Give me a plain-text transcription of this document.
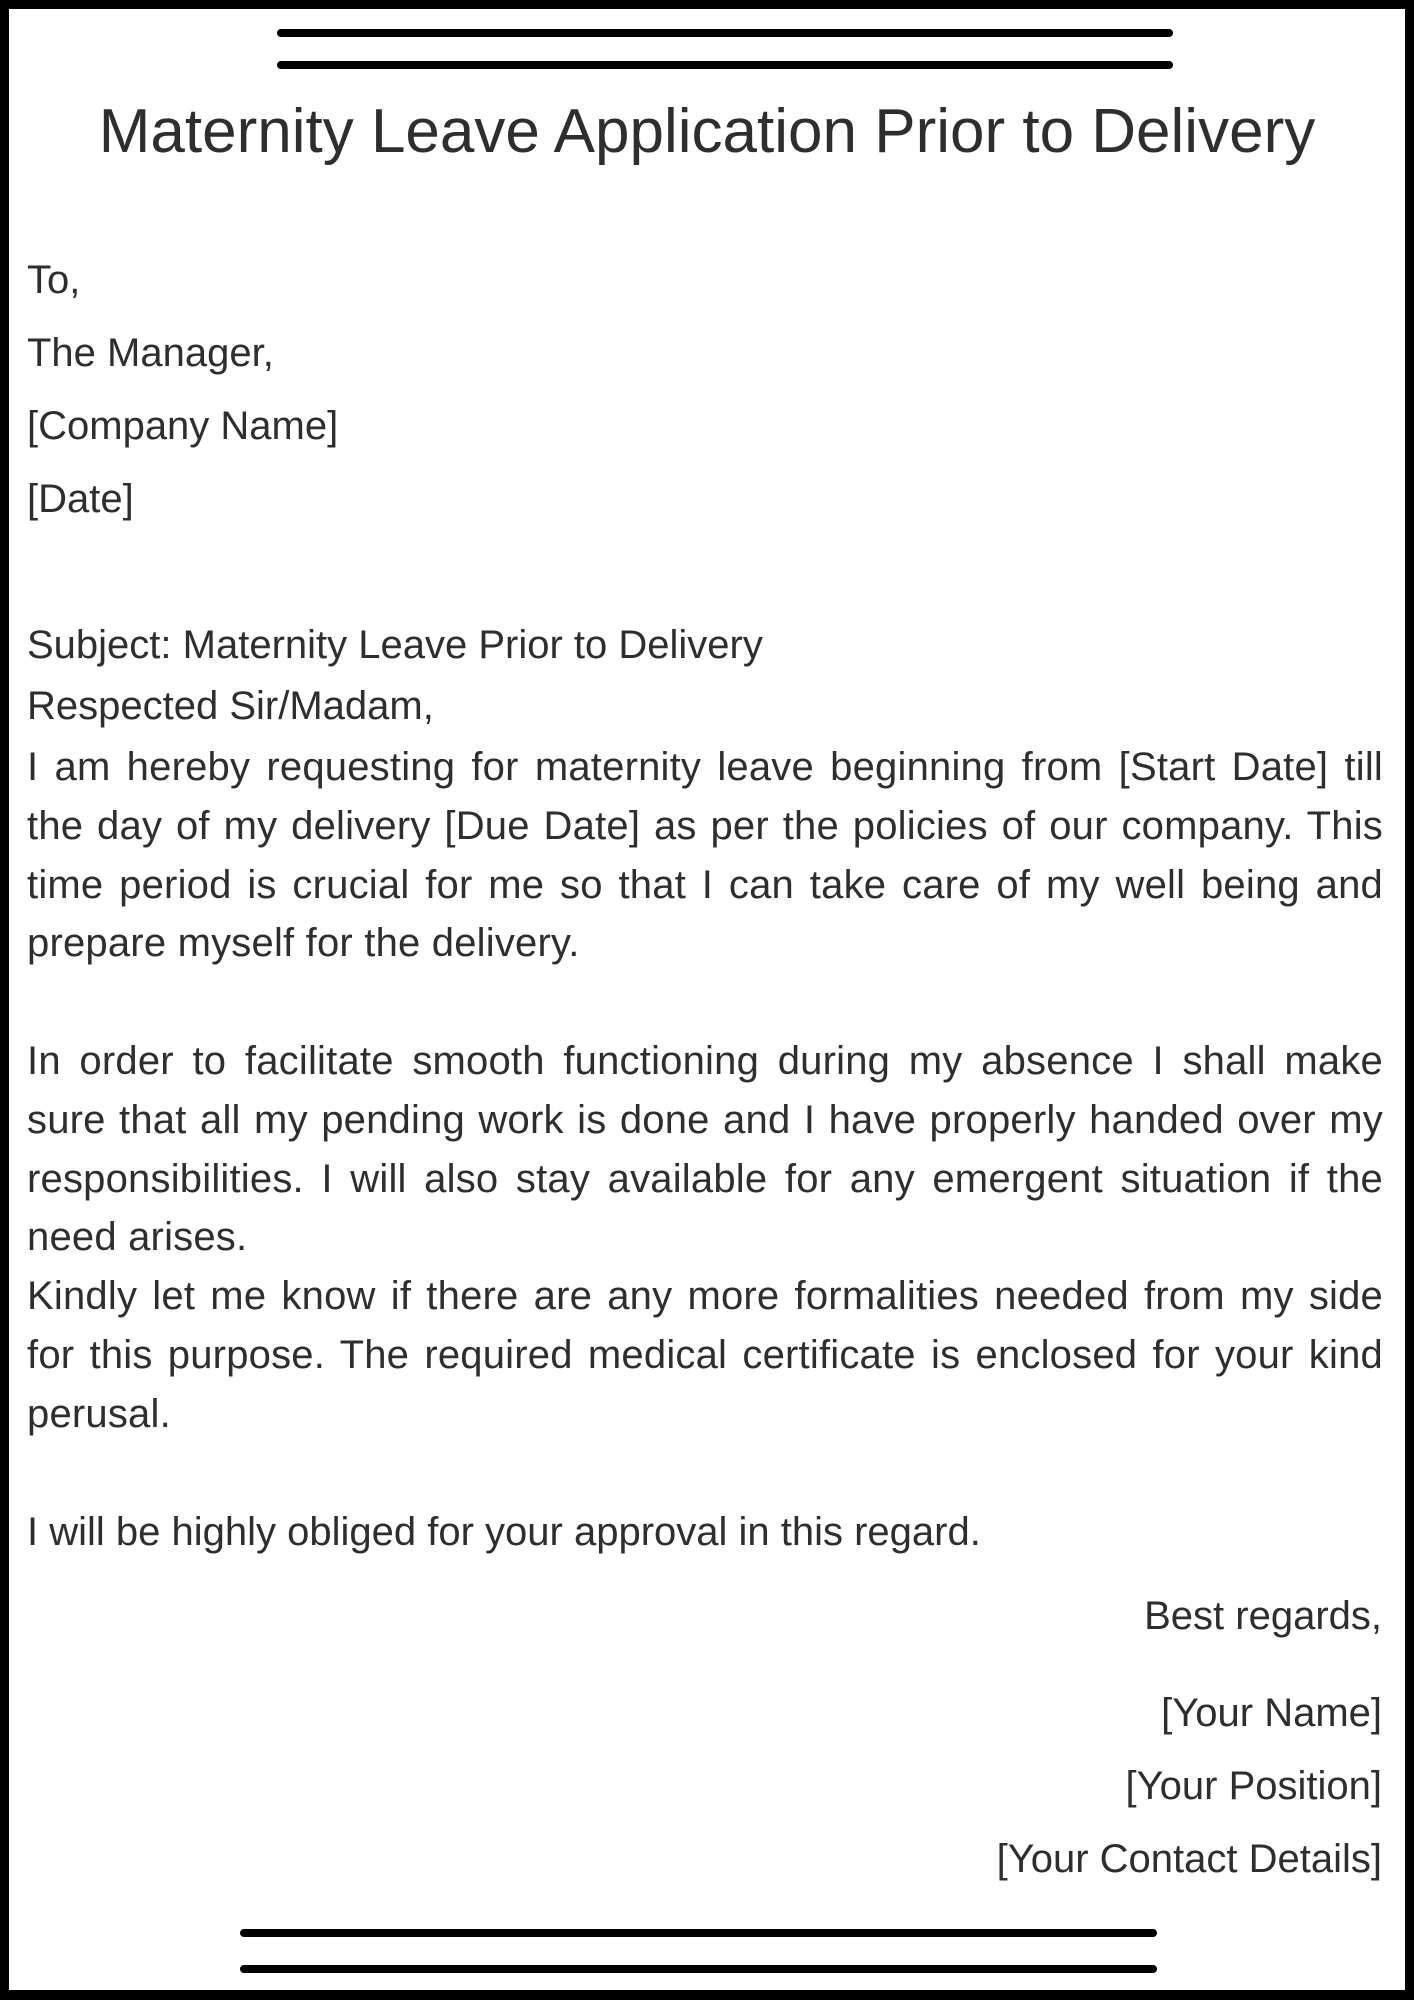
Maternity Leave Application Prior to Delivery
To,
The Manager,
[Company Name]
[Date]
Subject: Maternity Leave Prior to Delivery
Respected Sir/Madam,

I am hereby requesting for maternity leave beginning from [Start Date] till the day of my delivery [Due Date] as per the policies of our company. This time period is crucial for me so that I can take care of my well being and prepare myself for the delivery.

In order to facilitate smooth functioning during my absence I shall make sure that all my pending work is done and I have properly handed over my responsibilities. I will also stay available for any emergent situation if the need arises.

Kindly let me know if there are any more formalities needed from my side for this purpose. The required medical certificate is enclosed for your kind perusal.

I will be highly obliged for your approval in this regard.
Best regards,
[Your Name]
[Your Position]
[Your Contact Details]
